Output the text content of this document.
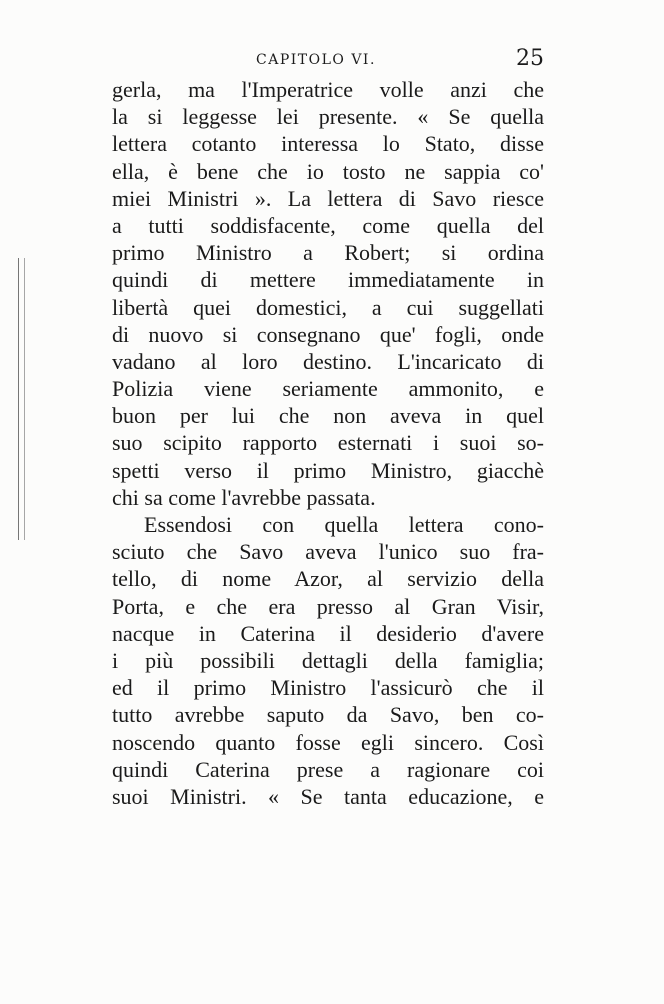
CAPITOLO VI.	25
gerla, ma l'Imperatrice volle anzi che
la si leggesse lei presente. « Se quella
lettera cotanto interessa lo Stato, disse
ella, è bene che io tosto ne sappia co'
miei Ministri ». La lettera di Savo riesce
a tutti soddisfacente, come quella del
primo Ministro a Robert; si ordina
quindi di mettere immediatamente in
libertà quei domestici, a cui suggellati
di nuovo si consegnano que' fogli, onde
vadano al loro destino. L'incaricato di
Polizia viene seriamente ammonito, e
buon per lui che non aveva in quel
suo scipito rapporto esternati i suoi so-
spetti verso il primo Ministro, giacchè
chi sa come l'avrebbe passata.
Essendosi con quella lettera cono-
sciuto che Savo aveva l'unico suo fra-
tello, di nome Azor, al servizio della
Porta, e che era presso al Gran Visir,
nacque in Caterina il desiderio d'avere
i più possibili dettagli della famiglia;
ed il primo Ministro l'assicurò che il
tutto avrebbe saputo da Savo, ben co-
noscendo quanto fosse egli sincero. Così
quindi Caterina prese a ragionare coi
suoi Ministri. « Se tanta educazione, e
